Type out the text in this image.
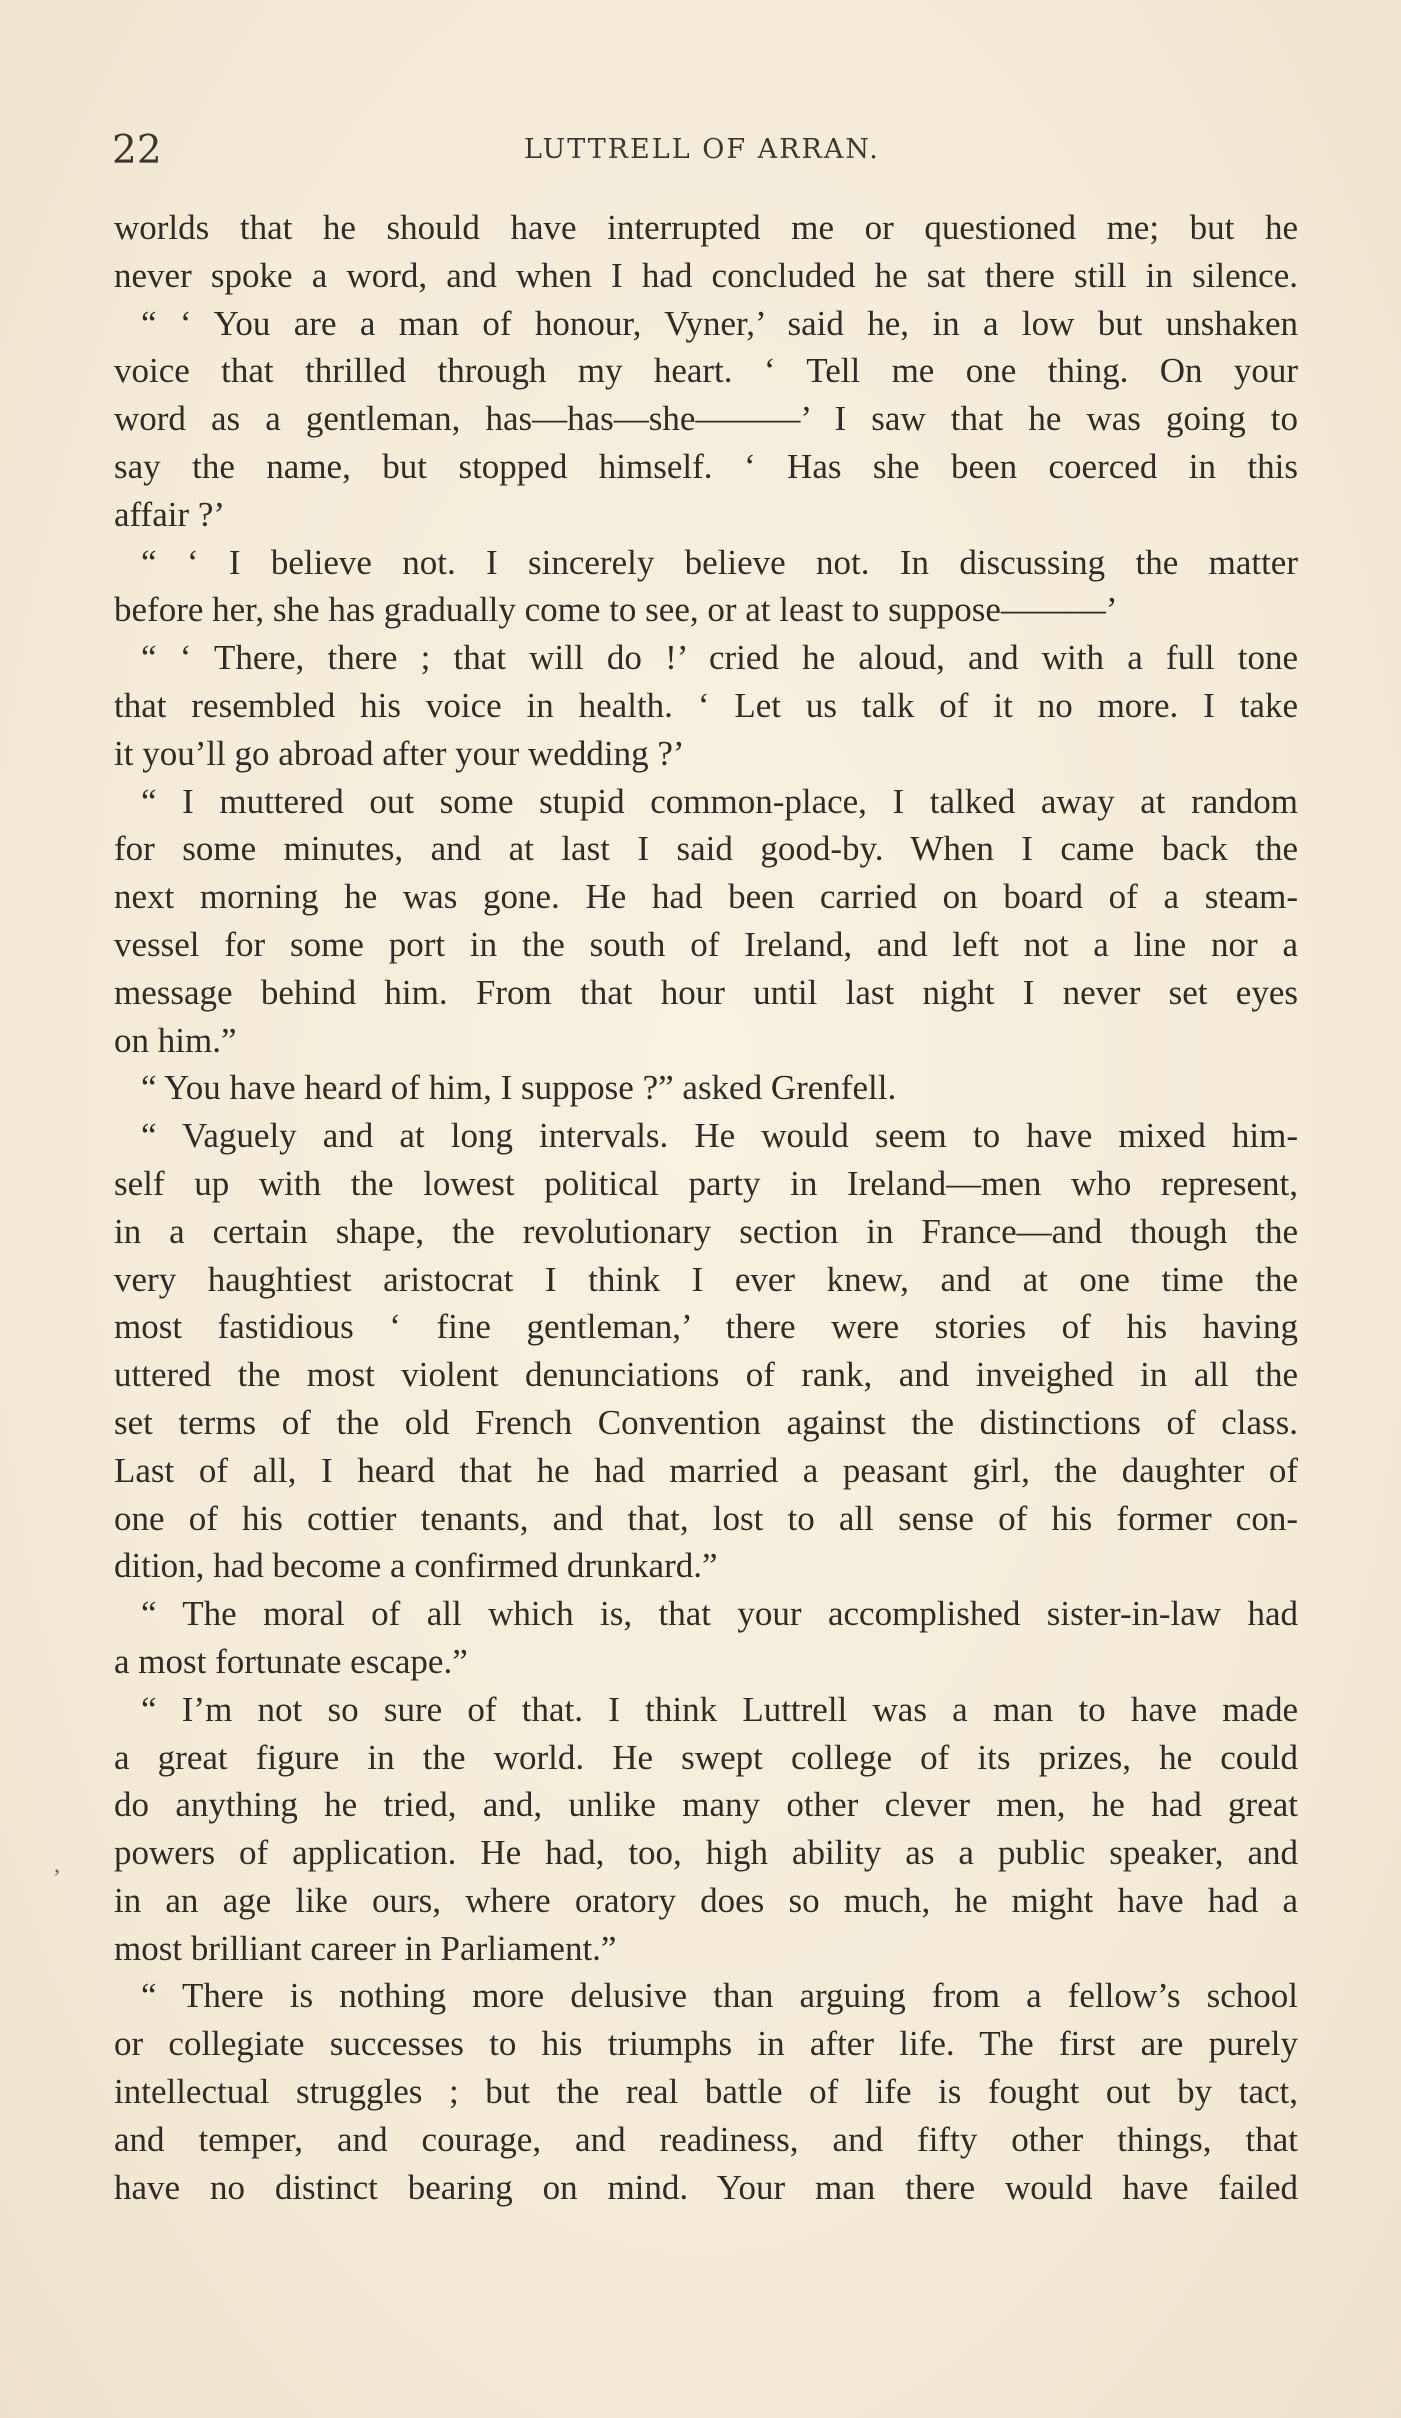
22	LUTTRELL OF ARRAN.
worlds that he should have interrupted me or questioned me; but he
never spoke a word, and when I had concluded he sat there still in silence.
“ ‘ You are a man of honour, Vyner,’ said he, in a low but unshaken
voice that thrilled through my heart. ‘ Tell me one thing. On your
word as a gentleman, has—has—she———’ I saw that he was going to
say the name, but stopped himself. ‘ Has she been coerced in this
affair ?’
“ ‘ I believe not. I sincerely believe not. In discussing the matter
before her, she has gradually come to see, or at least to suppose———’
“ ‘ There, there ; that will do !’ cried he aloud, and with a full tone
that resembled his voice in health. ‘ Let us talk of it no more. I take
it you’ll go abroad after your wedding ?’
“ I muttered out some stupid common-place, I talked away at random
for some minutes, and at last I said good-by. When I came back the
next morning he was gone. He had been carried on board of a steam-
vessel for some port in the south of Ireland, and left not a line nor a
message behind him. From that hour until last night I never set eyes
on him.”
“ You have heard of him, I suppose ?” asked Grenfell.
“ Vaguely and at long intervals. He would seem to have mixed him-
self up with the lowest political party in Ireland—men who represent,
in a certain shape, the revolutionary section in France—and though the
very haughtiest aristocrat I think I ever knew, and at one time the
most fastidious ‘ fine gentleman,’ there were stories of his having
uttered the most violent denunciations of rank, and inveighed in all the
set terms of the old French Convention against the distinctions of class.
Last of all, I heard that he had married a peasant girl, the daughter of
one of his cottier tenants, and that, lost to all sense of his former con-
dition, had become a confirmed drunkard.”
“ The moral of all which is, that your accomplished sister-in-law had
a most fortunate escape.”
“ I’m not so sure of that. I think Luttrell was a man to have made
a great figure in the world. He swept college of its prizes, he could
do anything he tried, and, unlike many other clever men, he had great
powers of application. He had, too, high ability as a public speaker, and
in an age like ours, where oratory does so much, he might have had a
most brilliant career in Parliament.”
“ There is nothing more delusive than arguing from a fellow’s school
or collegiate successes to his triumphs in after life. The first are purely
intellectual struggles ; but the real battle of life is fought out by tact,
and temper, and courage, and readiness, and fifty other things, that
have no distinct bearing on mind. Your man there would have failed
,
